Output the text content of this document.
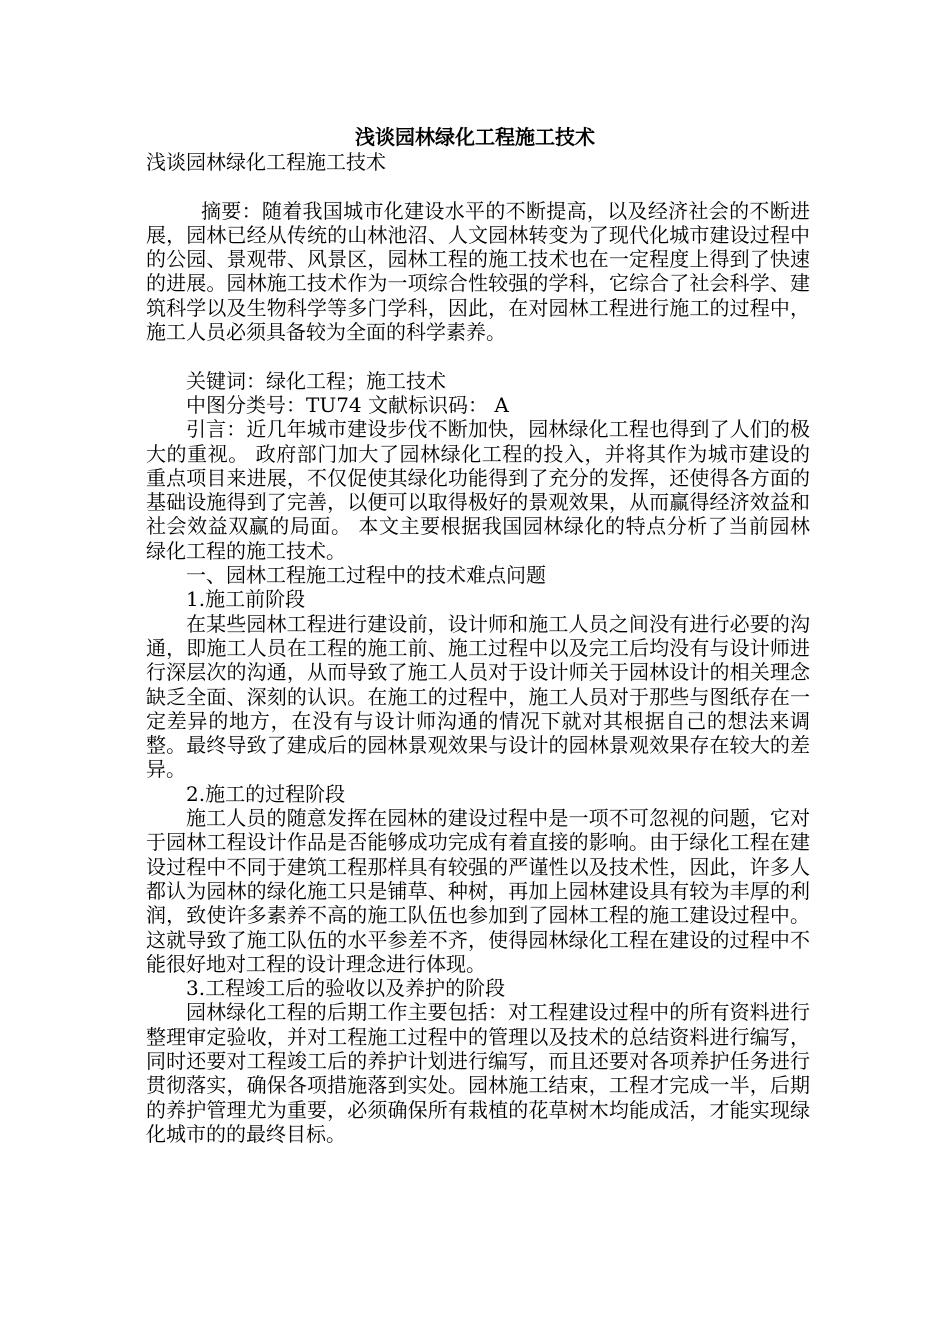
浅谈园林绿化工程施工技术

浅谈园林绿化工程施工技术

摘要：随着我国城市化建设水平的不断提高，以及经济社会的不断进展，园林已经从传统的山林池沼、人文园林转变为了现代化城市建设过程中的公园、景观带、风景区，园林工程的施工技术也在一定程度上得到了快速的进展。园林施工技术作为一项综合性较强的学科，它综合了社会科学、建筑科学以及生物科学等多门学科，因此，在对园林工程进行施工的过程中，施工人员必须具备较为全面的科学素养。

关键词：绿化工程；施工技术

中图分类号：TU74 文献标识码： A

引言：近几年城市建设步伐不断加快，园林绿化工程也得到了人们的极大的重视。 政府部门加大了园林绿化工程的投入，并将其作为城市建设的重点项目来进展，不仅促使其绿化功能得到了充分的发挥，还使得各方面的基础设施得到了完善，以便可以取得极好的景观效果，从而赢得经济效益和社会效益双赢的局面。 本文主要根据我国园林绿化的特点分析了当前园林绿化工程的施工技术。

一、园林工程施工过程中的技术难点问题

1.施工前阶段

在某些园林工程进行建设前，设计师和施工人员之间没有进行必要的沟通，即施工人员在工程的施工前、施工过程中以及完工后均没有与设计师进行深层次的沟通，从而导致了施工人员对于设计师关于园林设计的相关理念缺乏全面、深刻的认识。在施工的过程中，施工人员对于那些与图纸存在一定差异的地方，在没有与设计师沟通的情况下就对其根据自己的想法来调整。最终导致了建成后的园林景观效果与设计的园林景观效果存在较大的差异。

2.施工的过程阶段

施工人员的随意发挥在园林的建设过程中是一项不可忽视的问题，它对于园林工程设计作品是否能够成功完成有着直接的影响。由于绿化工程在建设过程中不同于建筑工程那样具有较强的严谨性以及技术性，因此，许多人都认为园林的绿化施工只是铺草、种树，再加上园林建设具有较为丰厚的利润，致使许多素养不高的施工队伍也参加到了园林工程的施工建设过程中。这就导致了施工队伍的水平参差不齐，使得园林绿化工程在建设的过程中不能很好地对工程的设计理念进行体现。

3.工程竣工后的验收以及养护的阶段

园林绿化工程的后期工作主要包括：对工程建设过程中的所有资料进行整理审定验收，并对工程施工过程中的管理以及技术的总结资料进行编写，同时还要对工程竣工后的养护计划进行编写，而且还要对各项养护任务进行贯彻落实，确保各项措施落到实处。园林施工结束，工程才完成一半，后期的养护管理尤为重要，必须确保所有栽植的花草树木均能成活，才能实现绿化城市的的最终目标。
